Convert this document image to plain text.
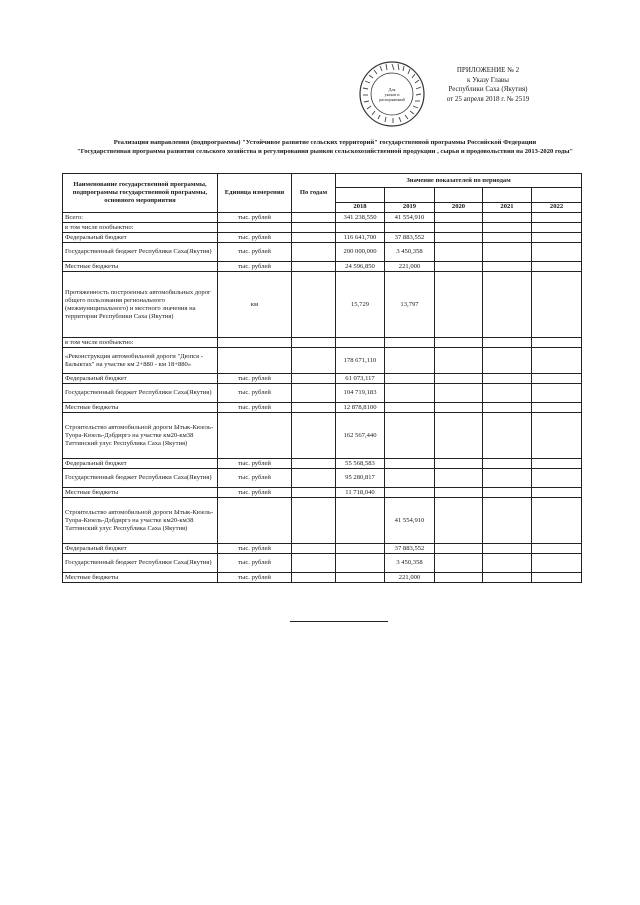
Для
указов и
распоряжений
ПРИЛОЖЕНИЕ № 2
к Указу Главы
Республики Саха (Якутия)
от 25 апреля 2018 г. № 2519
Реализация направления (подпрограммы) "Устойчивое развитие сельских территорий" государственной программы Российской Федерации
"Государственная программа развития сельского хозяйства и регулирования рынков сельскохозяйственной продукции , сырья и продовольствия на 2013-2020 годы"
Наименование государственной программы, подпрограммы государственной программы, основного мероприятия	Единица измерения	По годам	Значение показателей по периодам				

			2018	2019	2020	2021	2022
Всего:	тыс. рублей		341 238,550	41 554,910			
в том числе пообъектно:							
Федеральный бюджет	тыс. рублей		116 641,700	37 883,552			
Государственный бюджет Республики Саха(Якутия)	тыс. рублей		200 000,000	3 450,358			
Местные бюджеты	тыс. рублей		24 596,850	221,000			
Протяженность построенных автомобильных дорог общего пользования регионального (межмуниципального) и местного значения на территории Республики Саха (Якутия)	км		15,729	13,797			
в том числе пообъектно:							
«Реконструкция автомобильной дороги "Дюпся - Балыктах" на участке км 2+880 - км 18+880»			178 671,110				
Федеральный бюджет	тыс. рублей		61 073,117				
Государственный бюджет Республики Саха(Якутия)	тыс. рублей		104 719,183				
Местные бюджеты	тыс. рублей		12 878,8100				
Строительство автомобильной дороги Ытык-Кюель-Туора-Кюель-Дэбдиргэ на участке км20-км38 Таттинский улус Республика Саха (Якутия)			162 567,440				
Федеральный бюджет	тыс. рублей		55 568,583				
Государственный бюджет Республики Саха(Якутия)	тыс. рублей		95 280,817				
Местные бюджеты	тыс. рублей		11 718,040				
Строительство автомобильной дороги Ытык-Кюель-Туора-Кюель-Дэбдиргэ на участке км20-км38 Таттинский улус Республика Саха (Якутия)				41 554,910			
Федеральный бюджет	тыс. рублей			37 883,552			
Государственный бюджет Республики Саха(Якутия)	тыс. рублей			3 450,358			
Местные бюджеты	тыс. рублей			221,000			
